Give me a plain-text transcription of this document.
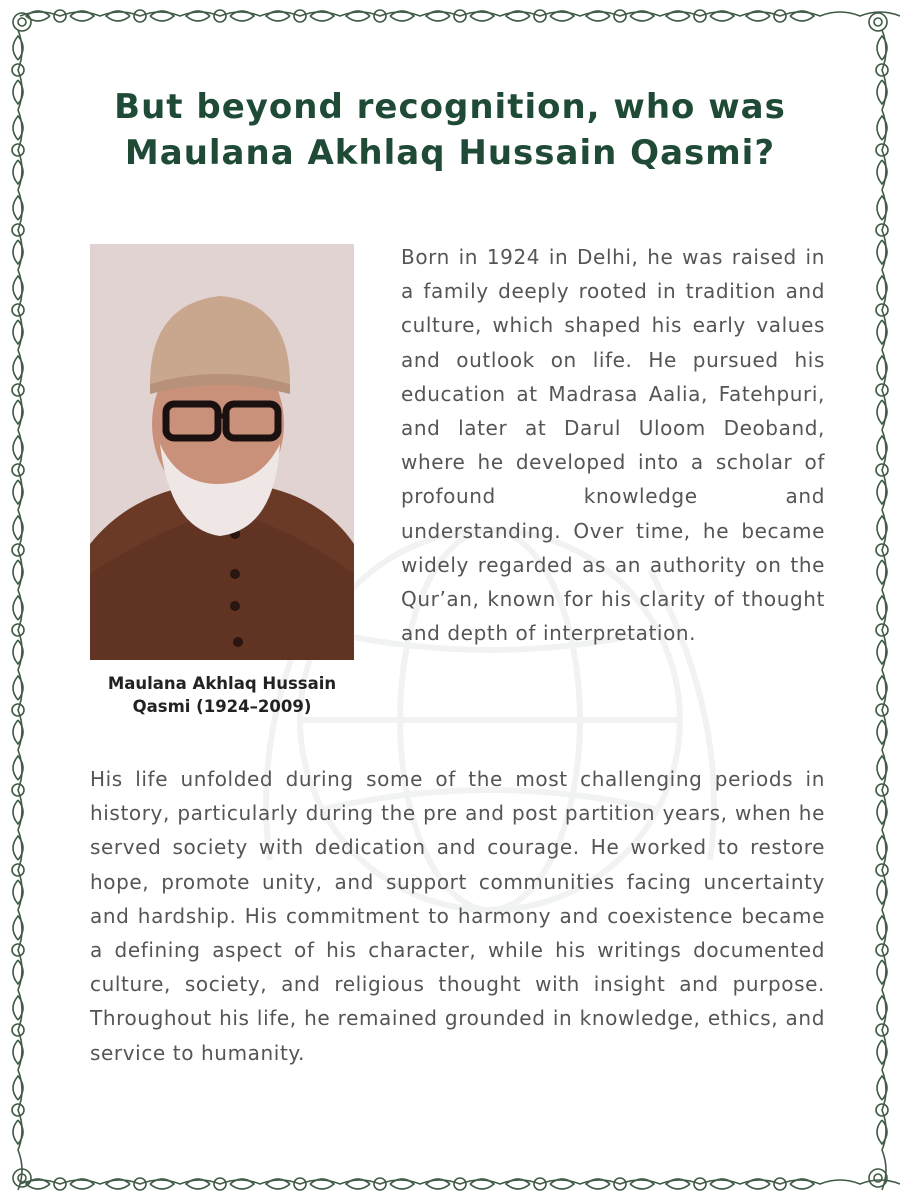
But beyond recognition, who was Maulana Akhlaq Hussain Qasmi?

Maulana Akhlaq Hussain Qasmi (1924–2009)

Born in 1924 in Delhi, he was raised in a family deeply rooted in tradition and culture, which shaped his early values and outlook on life. He pursued his education at Madrasa Aalia, Fatehpuri, and later at Darul Uloom Deoband, where he developed into a scholar of profound knowledge and understanding. Over time, he became widely regarded as an authority on the Qur’an, known for his clarity of thought and depth of interpretation.

His life unfolded during some of the most challenging periods in history, particularly during the pre and post partition years, when he served society with dedication and courage. He worked to restore hope, promote unity, and support communities facing uncertainty and hardship. His commitment to harmony and coexistence became a defining aspect of his character, while his writings documented culture, society, and religious thought with insight and purpose. Throughout his life, he remained grounded in knowledge, ethics, and service to humanity.
